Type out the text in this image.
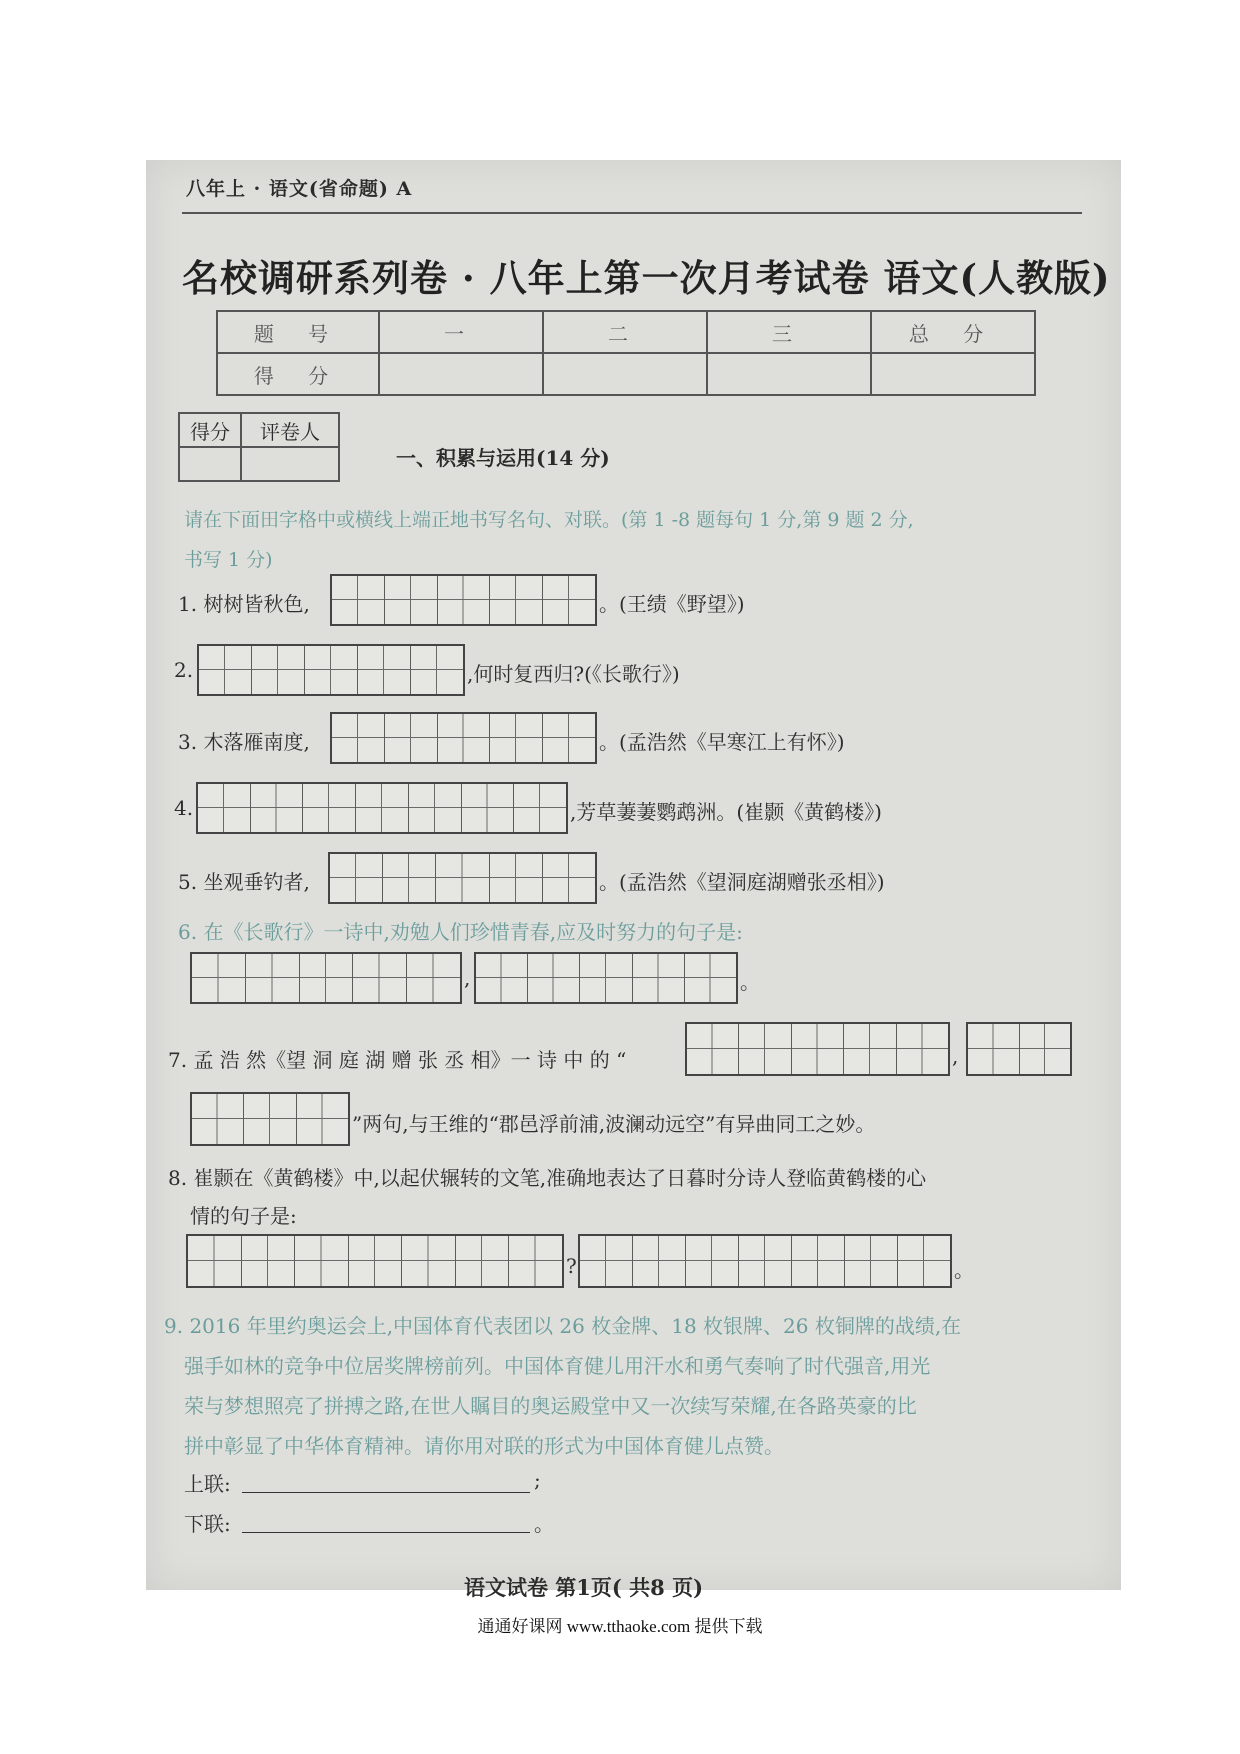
八年上 · 语文(省命题) A
名校调研系列卷 · 八年上第一次月考试卷 语文(人教版)
题 号	一	二	三	总 分
得 分				
得分	评卷人

一、积累与运用(14 分)
请在下面田字格中或横线上端正地书写名句、对联。(第 1 -8 题每句 1 分,第 9 题 2 分,
书写 1 分)
1. 树树皆秋色,	。(王绩《野望》)
2.	,何时复西归?(《长歌行》)
3. 木落雁南度,	。(孟浩然《早寒江上有怀》)
4.	,芳草萋萋鹦鹉洲。(崔颢《黄鹤楼》)
5. 坐观垂钓者,	。(孟浩然《望洞庭湖赠张丞相》)
6. 在《长歌行》一诗中,劝勉人们珍惜青春,应及时努力的句子是:
,	。
7. 孟 浩 然《望 洞 庭 湖 赠 张 丞 相》一 诗 中 的 “	,
”两句,与王维的“郡邑浮前浦,波澜动远空”有异曲同工之妙。
8. 崔颢在《黄鹤楼》中,以起伏辗转的文笔,准确地表达了日暮时分诗人登临黄鹤楼的心
情的句子是:
?	。
9. 2016 年里约奥运会上,中国体育代表团以 26 枚金牌、18 枚银牌、26 枚铜牌的战绩,在
强手如林的竞争中位居奖牌榜前列。中国体育健儿用汗水和勇气奏响了时代强音,用光
荣与梦想照亮了拼搏之路,在世人瞩目的奥运殿堂中又一次续写荣耀,在各路英豪的比
拼中彰显了中华体育精神。请你用对联的形式为中国体育健儿点赞。
上联:	;
下联:	。
语文试卷 第1页( 共8 页)
通通好课网 www.tthaoke.com 提供下载
